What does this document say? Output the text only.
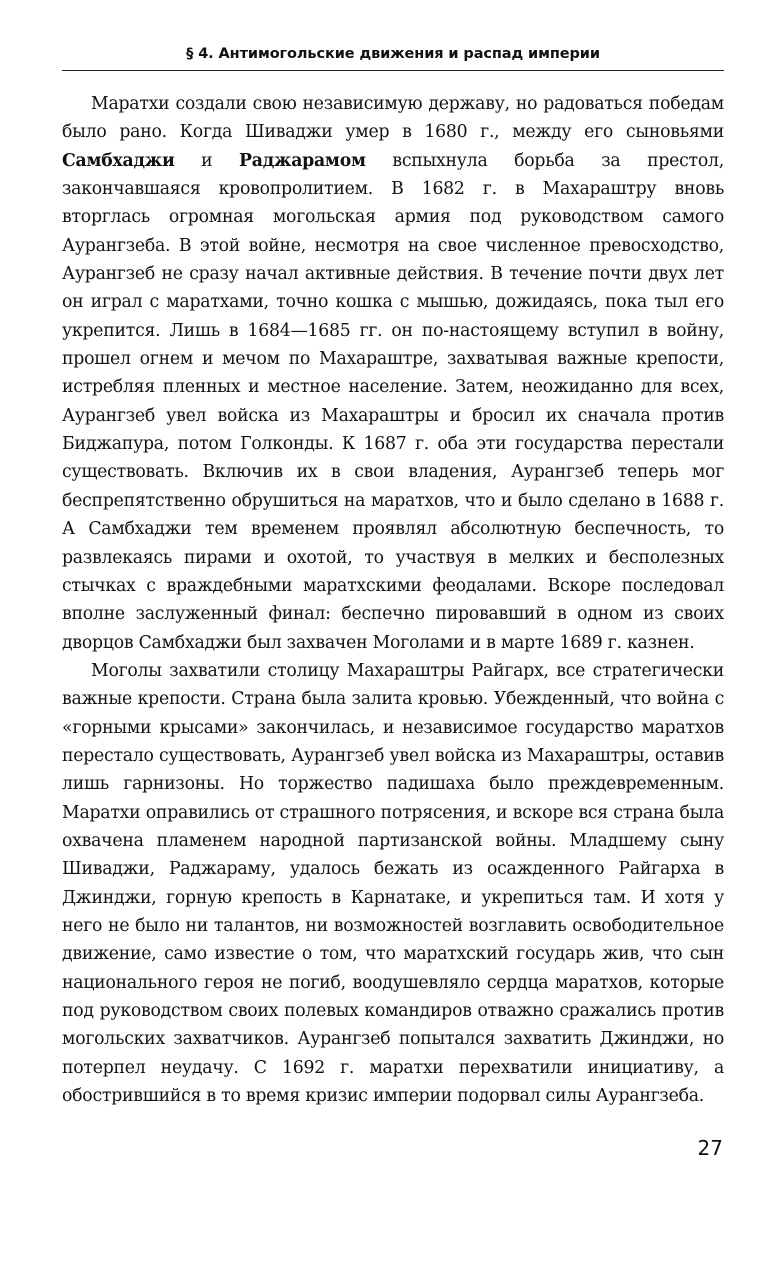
§ 4. Антимогольские движения и распад империи

Маратхи создали свою независимую державу, но радоваться победам было рано. Когда Шиваджи умер в 1680 г., между его сыновьями Самбхаджи и Раджарамом вспыхнула борьба за престол, закончавшаяся кровопролитием. В 1682 г. в Махараштру вновь вторглась огромная могольская армия под руководством самого Аурангзеба. В этой войне, несмотря на свое численное превосходство, Аурангзеб не сразу начал активные действия. В течение почти двух лет он играл с маратхами, точно кошка с мышью, дожидаясь, пока тыл его укрепится. Лишь в 1684—1685 гг. он по-настоящему вступил в войну, прошел огнем и мечом по Махараштре, захватывая важные крепости, истребляя пленных и местное население. Затем, неожиданно для всех, Аурангзеб увел войска из Махараштры и бросил их сначала против Биджапура, потом Голконды. К 1687 г. оба эти государства перестали существовать. Включив их в свои владения, Аурангзеб теперь мог беспрепятственно обрушиться на маратхов, что и было сделано в 1688 г. А Самбхаджи тем временем проявлял абсолютную беспечность, то развлекаясь пирами и охотой, то участвуя в мелких и бесполезных стычках с враждебными маратхскими феодалами. Вскоре последовал вполне заслуженный финал: беспечно пировавший в одном из своих дворцов Самбхаджи был захвачен Моголами и в марте 1689 г. казнен.

Моголы захватили столицу Махараштры Райгарх, все стратегически важные крепости. Страна была залита кровью. Убежденный, что война с «горными крысами» закончилась, и независимое государство маратхов перестало существовать, Аурангзеб увел войска из Махараштры, оставив лишь гарнизоны. Но торжество падишаха было преждевременным. Маратхи оправились от страшного потрясения, и вскоре вся страна была охвачена пламенем народной партизанской войны. Младшему сыну Шиваджи, Раджараму, удалось бежать из осажденного Райгарха в Джинджи, горную крепость в Карнатаке, и укрепиться там. И хотя у него не было ни талантов, ни возможностей возглавить освободительное движение, само известие о том, что маратхский государь жив, что сын национального героя не погиб, воодушевляло сердца маратхов, которые под руководством своих полевых командиров отважно сражались против могольских захватчиков. Аурангзеб попытался захватить Джинджи, но потерпел неудачу. С 1692 г. маратхи перехватили инициативу, а обострившийся в то время кризис империи подорвал силы Аурангзеба.

27
